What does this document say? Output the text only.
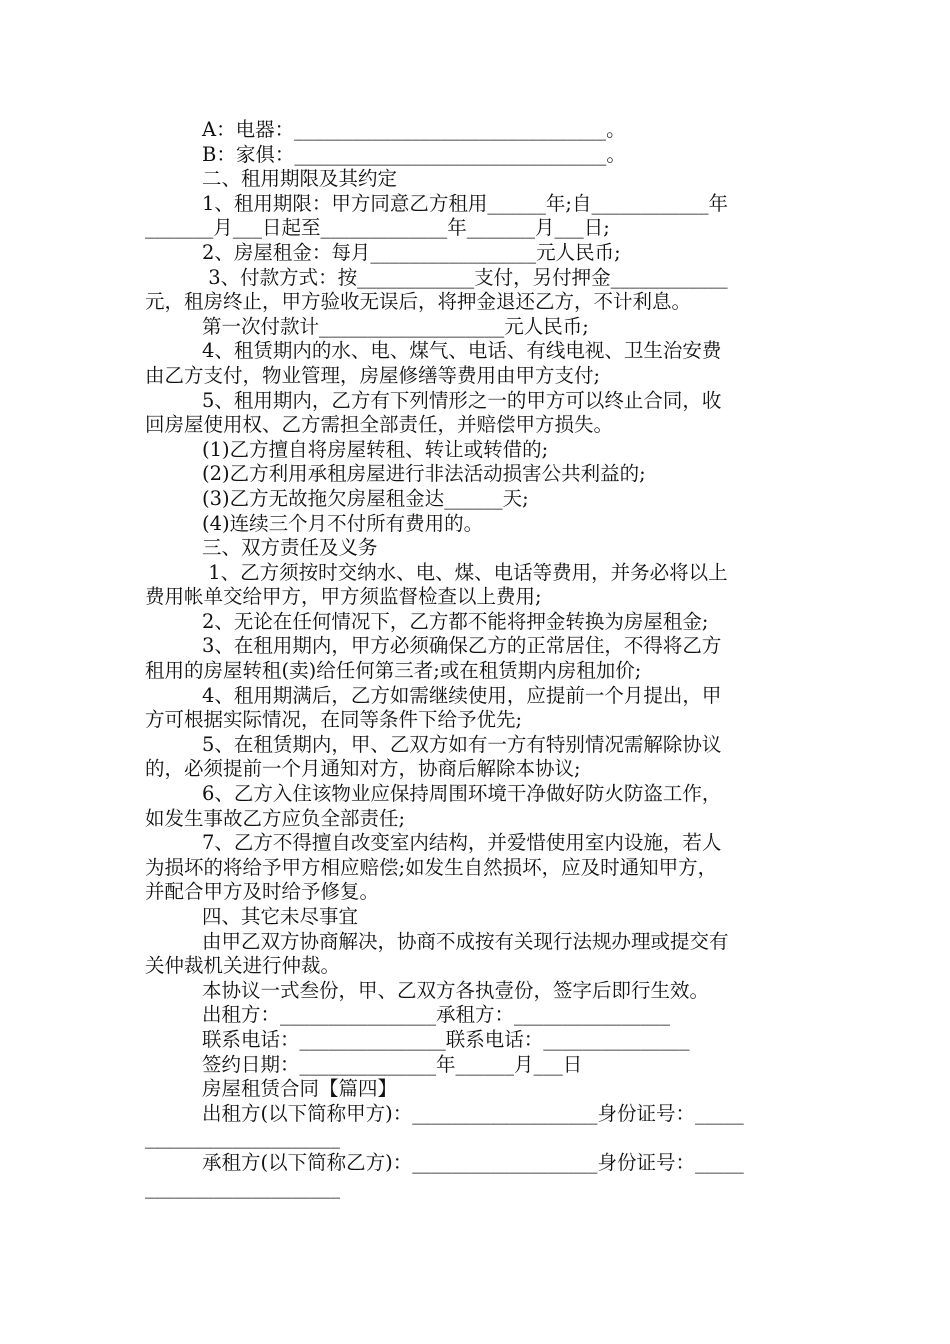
A：电器：________________________________。
B：家俱：________________________________。
二、租用期限及其约定
1、租用期限：甲方同意乙方租用______年;自____________年
_______月___日起至_____________年_______月___日;
2、房屋租金：每月_________________元人民币;
3、付款方式：按____________支付，另付押金____________
元，租房终止，甲方验收无误后，将押金退还乙方，不计利息。
第一次付款计___________________元人民币;
4、租赁期内的水、电、煤气、电话、有线电视、卫生治安费
由乙方支付，物业管理，房屋修缮等费用由甲方支付;
5、租用期内，乙方有下列情形之一的甲方可以终止合同，收
回房屋使用权、乙方需担全部责任，并赔偿甲方损失。
(1)乙方擅自将房屋转租、转让或转借的;
(2)乙方利用承租房屋进行非法活动损害公共利益的;
(3)乙方无故拖欠房屋租金达______天;
(4)连续三个月不付所有费用的。
三、双方责任及义务
1、乙方须按时交纳水、电、煤、电话等费用，并务必将以上
费用帐单交给甲方，甲方须监督检查以上费用;
2、无论在任何情况下，乙方都不能将押金转换为房屋租金;
3、在租用期内，甲方必须确保乙方的正常居住，不得将乙方
租用的房屋转租(卖)给任何第三者;或在租赁期内房租加价;
4、租用期满后，乙方如需继续使用，应提前一个月提出，甲
方可根据实际情况，在同等条件下给予优先;
5、在租赁期内，甲、乙双方如有一方有特别情况需解除协议
的，必须提前一个月通知对方，协商后解除本协议;
6、乙方入住该物业应保持周围环境干净做好防火防盗工作，
如发生事故乙方应负全部责任;
7、乙方不得擅自改变室内结构，并爱惜使用室内设施，若人
为损坏的将给予甲方相应赔偿;如发生自然损坏，应及时通知甲方，
并配合甲方及时给予修复。
四、其它未尽事宜
由甲乙双方协商解决，协商不成按有关现行法规办理或提交有
关仲裁机关进行仲裁。
本协议一式叁份，甲、乙双方各执壹份，签字后即行生效。
出租方：________________承租方：________________
联系电话：_______________联系电话：_______________
签约日期：______________年______月___日
房屋租赁合同【篇四】
出租方(以下简称甲方)：___________________身份证号：_____
____________________
承租方(以下简称乙方)：___________________身份证号：_____
____________________
